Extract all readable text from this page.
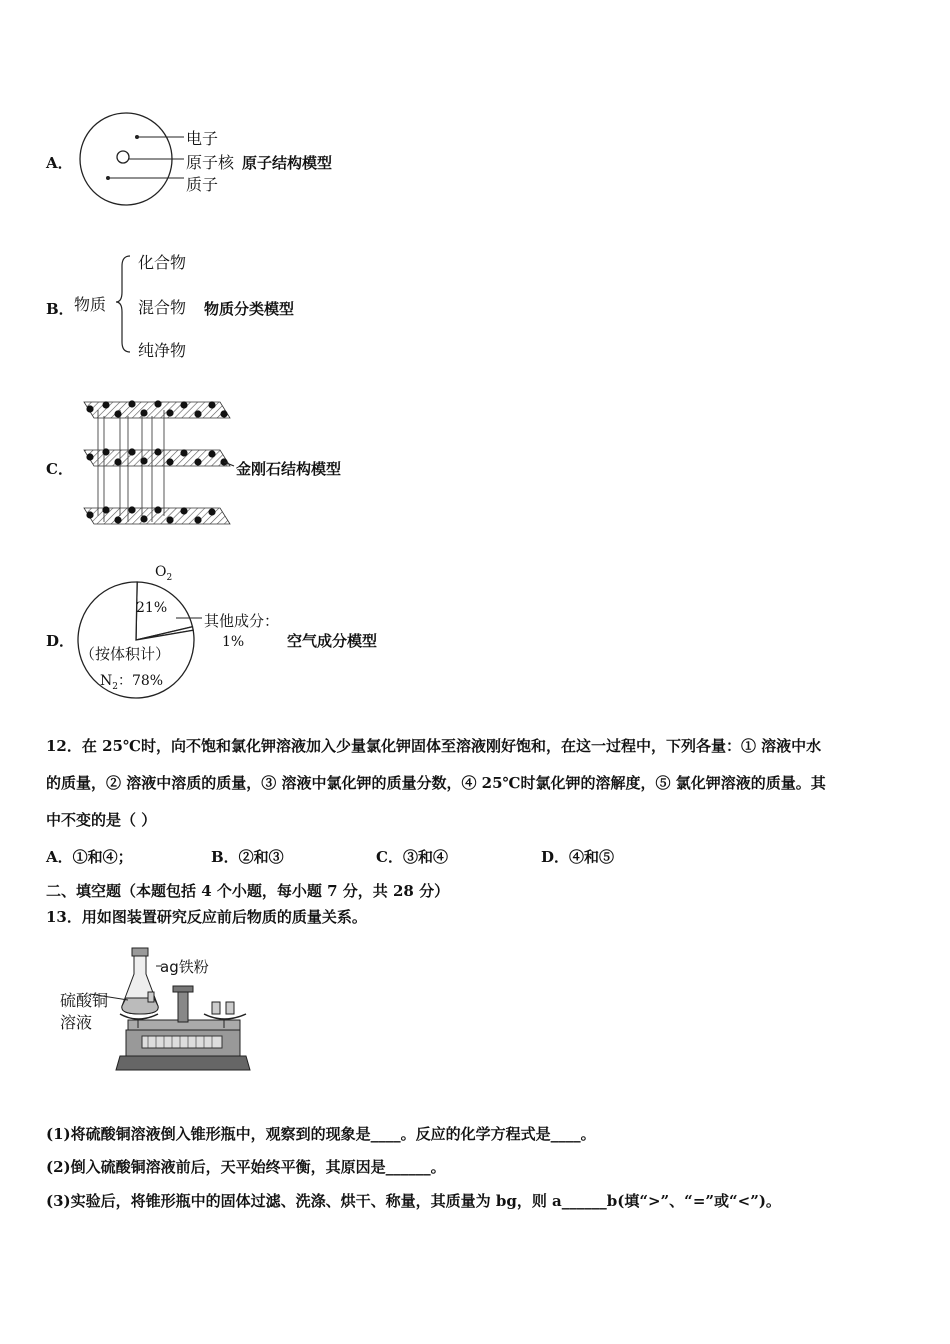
A．
电子
原子核
质子
原子结构模型
B． 物质
化合物
混合物
纯净物
物质分类模型
C．	金刚石结构模型
D．
$O_2$
21%
其他成分：
1%
（按体积计）
$N_2$：78%
空气成分模型
12．在 25℃时，向不饱和氯化钾溶液加入少量氯化钾固体至溶液刚好饱和，在这一过程中，下列各量：① 溶液中水
的质量，② 溶液中溶质的质量，③ 溶液中氯化钾的质量分数，④ 25℃时氯化钾的溶解度，⑤ 氯化钾溶液的质量。其
中不变的是（ ）
A．①和④；	B．②和③	C．③和④	D．④和⑤
二、填空题（本题包括 4 个小题，每小题 7 分，共 28 分）
13．用如图装置研究反应前后物质的质量关系。
ag铁粉
硫酸铜
溶液
(1)将硫酸铜溶液倒入锥形瓶中，观察到的现象是____。反应的化学方程式是____。
(2)倒入硫酸铜溶液前后，天平始终平衡，其原因是______。
(3)实验后，将锥形瓶中的固体过滤、洗涤、烘干、称量，其质量为 bg，则 a______b(填“>”、“=”或“<”)。
